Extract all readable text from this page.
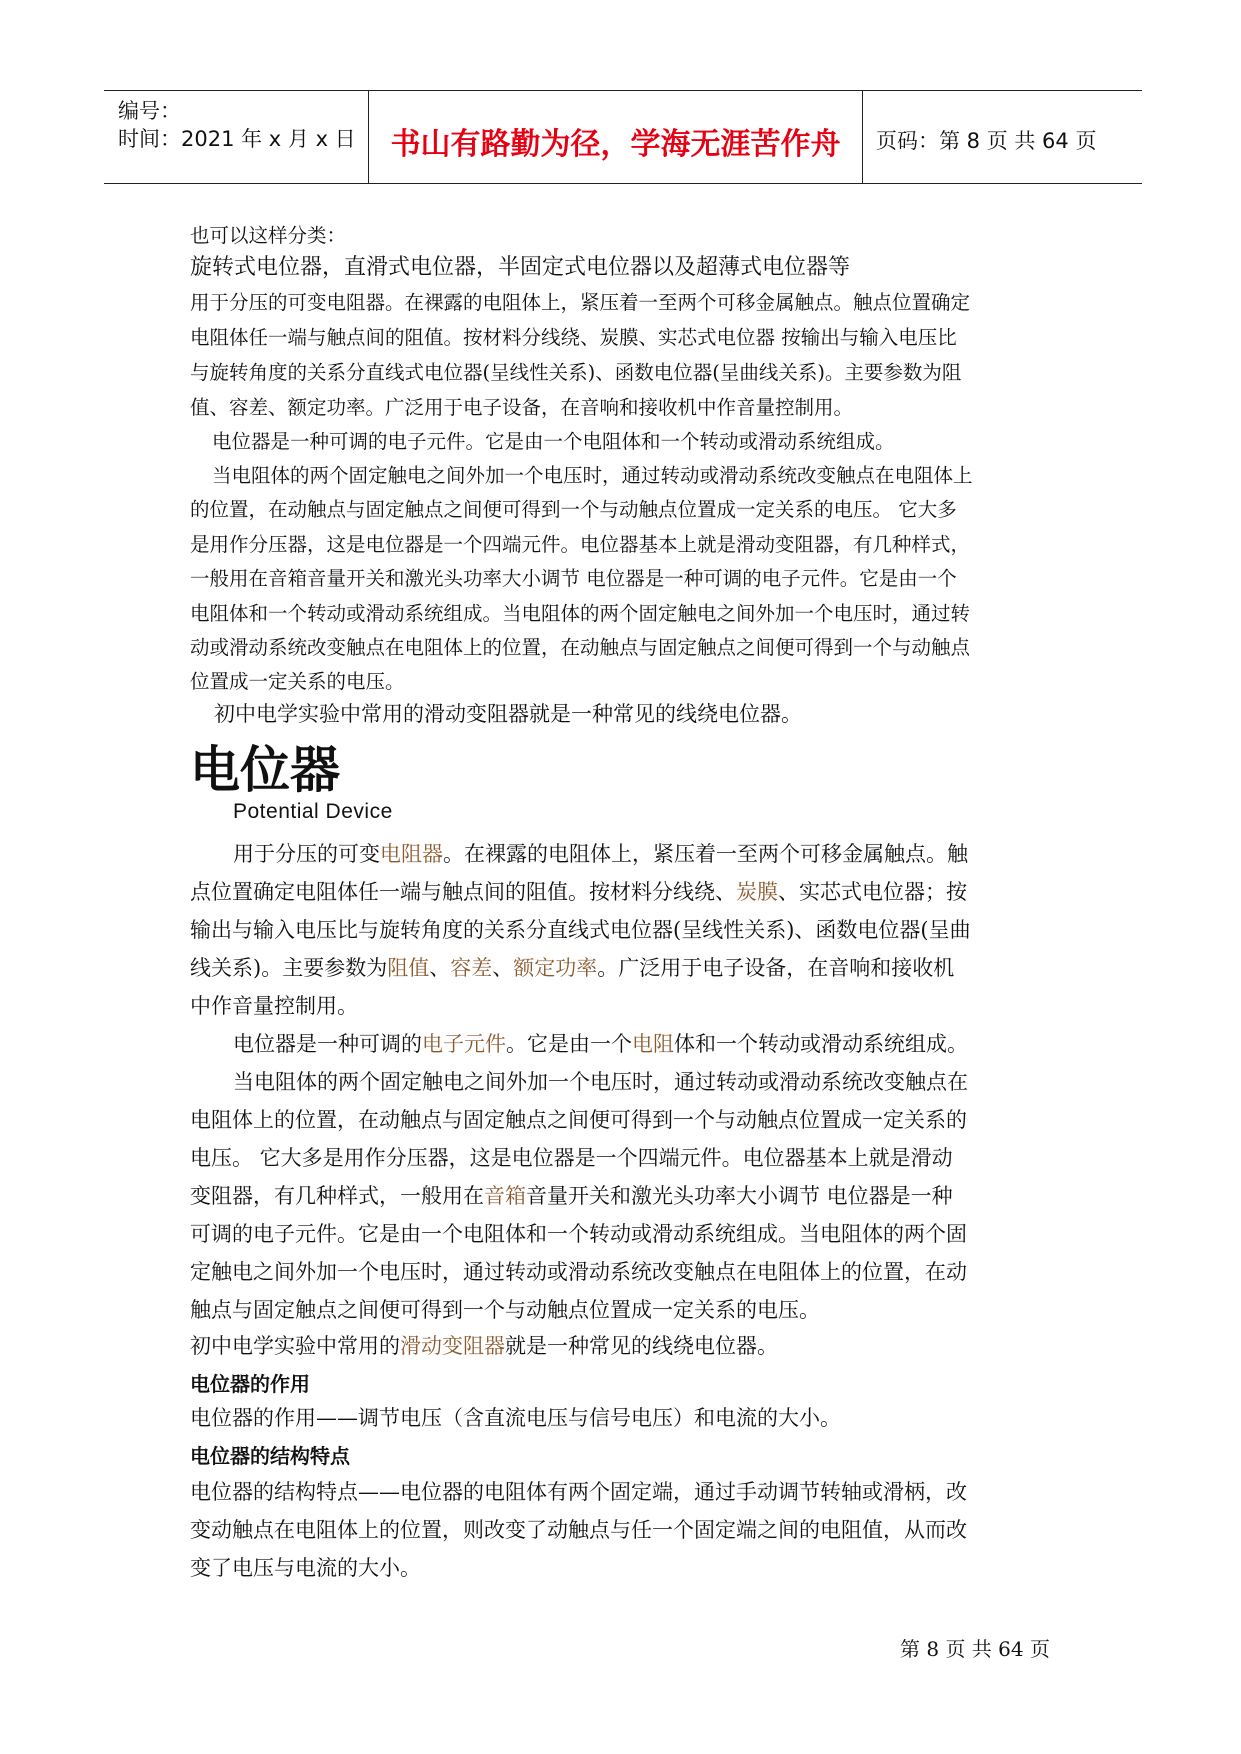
编号：
时间：2021 年 x 月 x 日	书山有路勤为径，学海无涯苦作舟	页码：第 8 页 共 64 页
也可以这样分类：
旋转式电位器，直滑式电位器，半固定式电位器以及超薄式电位器等
用于分压的可变电阻器。在裸露的电阻体上，紧压着一至两个可移金属触点。触点位置确定
电阻体任一端与触点间的阻值。按材料分线绕、炭膜、实芯式电位器 按输出与输入电压比
与旋转角度的关系分直线式电位器(呈线性关系)、函数电位器(呈曲线关系)。主要参数为阻
值、容差、额定功率。广泛用于电子设备，在音响和接收机中作音量控制用。
电位器是一种可调的电子元件。它是由一个电阻体和一个转动或滑动系统组成。
当电阻体的两个固定触电之间外加一个电压时，通过转动或滑动系统改变触点在电阻体上
的位置，在动触点与固定触点之间便可得到一个与动触点位置成一定关系的电压。 它大多
是用作分压器，这是电位器是一个四端元件。电位器基本上就是滑动变阻器，有几种样式，
一般用在音箱音量开关和激光头功率大小调节 电位器是一种可调的电子元件。它是由一个
电阻体和一个转动或滑动系统组成。当电阻体的两个固定触电之间外加一个电压时，通过转
动或滑动系统改变触点在电阻体上的位置，在动触点与固定触点之间便可得到一个与动触点
位置成一定关系的电压。
初中电学实验中常用的滑动变阻器就是一种常见的线绕电位器。
电位器
Potential Device
用于分压的可变电阻器。在裸露的电阻体上，紧压着一至两个可移金属触点。触
点位置确定电阻体任一端与触点间的阻值。按材料分线绕、炭膜、实芯式电位器；按
输出与输入电压比与旋转角度的关系分直线式电位器(呈线性关系)、函数电位器(呈曲
线关系)。主要参数为阻值、容差、额定功率。广泛用于电子设备，在音响和接收机
中作音量控制用。
电位器是一种可调的电子元件。它是由一个电阻体和一个转动或滑动系统组成。
当电阻体的两个固定触电之间外加一个电压时，通过转动或滑动系统改变触点在
电阻体上的位置，在动触点与固定触点之间便可得到一个与动触点位置成一定关系的
电压。 它大多是用作分压器，这是电位器是一个四端元件。电位器基本上就是滑动
变阻器，有几种样式，一般用在音箱音量开关和激光头功率大小调节 电位器是一种
可调的电子元件。它是由一个电阻体和一个转动或滑动系统组成。当电阻体的两个固
定触电之间外加一个电压时，通过转动或滑动系统改变触点在电阻体上的位置，在动
触点与固定触点之间便可得到一个与动触点位置成一定关系的电压。
初中电学实验中常用的滑动变阻器就是一种常见的线绕电位器。
电位器的作用
电位器的作用——调节电压（含直流电压与信号电压）和电流的大小。
电位器的结构特点
电位器的结构特点——电位器的电阻体有两个固定端，通过手动调节转轴或滑柄，改
变动触点在电阻体上的位置，则改变了动触点与任一个固定端之间的电阻值，从而改
变了电压与电流的大小。
第 8 页 共 64 页
